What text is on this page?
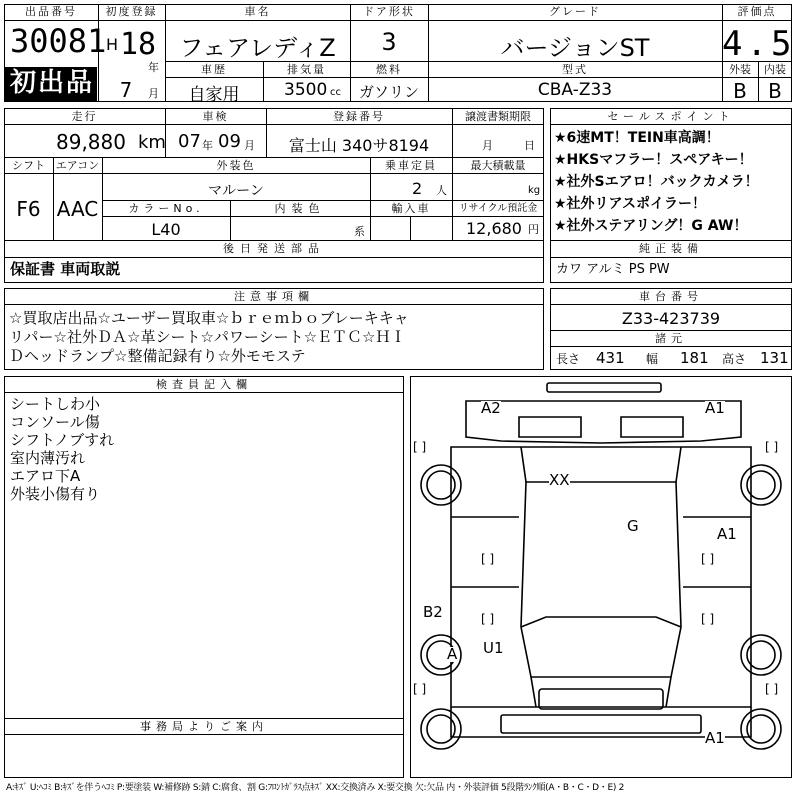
出品番号
30081
初出品
初度登録
H 18
年
7 月
車名
フェアレディZ
ドア形状
3
グレード
バージョンST
評価点
4.5
外装	内装
B	B
車歴
自家用
排気量
3500 cc
燃料
ガソリン
型式
CBA-Z33
走行
89,880 km
車検
07 年 09 月
登録番号
富士山 340サ8194
譲渡書類期限
月	日
シフト
F6
エアコン
AAC
外装色
マルーン
乗車定員
2 人
最大積載量
kg
カラーNo.
L40
内装色
系
輸入車	リサイクル預託金
12,680 円
後日発送部品
保証書 車両取説
セールスポイント
★6速MT！TEIN車高調！
★HKSマフラー！スペアキー！
★社外Sエアロ！バックカメラ！
★社外リアスポイラー！
★社外ステアリング！G AW！
純正装備
カワ アルミ PS PW
注意事項欄
☆買取店出品☆ユーザー買取車☆ｂｒｅｍｂｏブレーキキャ
リパー☆社外ＤＡ☆革シート☆パワーシート☆ＥＴＣ☆ＨＩ
Ｄヘッドランプ☆整備記録有り☆外モモステ
車台番号
Z33-423739
諸元
長さ 431 幅 181 高さ 131
検査員記入欄
シートしわ小
コンソール傷
シフトノブすれ
室内薄汚れ
エアロ下A
外装小傷有り
事務局よりご案内
[ ]	[ ]
[ ]	[ ]
[ ]	[ ]
[ ]	[ ]
A2	A1
XX
G	A1
B2
U1
A
A1
A:ｷｽﾞ U:ﾍｺﾐ B:ｷｽﾞを伴うﾍｺﾐ P:要塗装 W:補修跡 S:錆 C:腐食、割 G:ﾌﾛﾝﾄｶﾞﾗｽ点ｷｽﾞ XX:交換済み X:要交換 欠:欠品 内・外装評価 5段階ﾗﾝｸ順(A・B・C・D・E) 2
